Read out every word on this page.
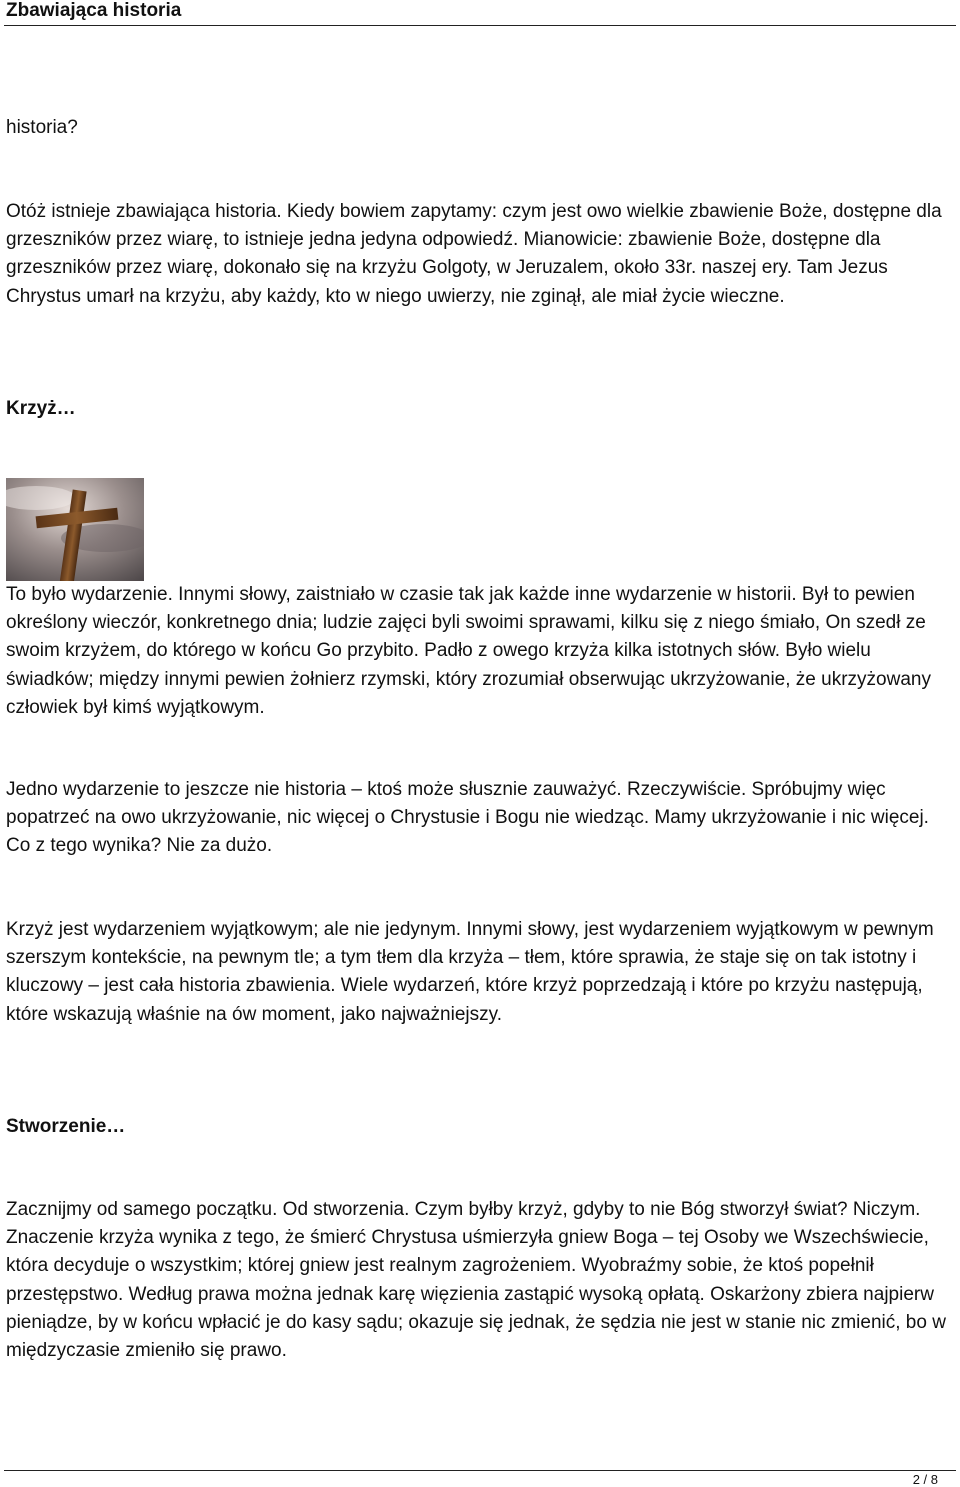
Zbawiająca historia

historia?

Otóż istnieje zbawiająca historia. Kiedy bowiem zapytamy: czym jest owo wielkie zbawienie Boże, dostępne dla grzeszników przez wiarę, to istnieje jedna jedyna odpowiedź. Mianowicie: zbawienie Boże, dostępne dla grzeszników przez wiarę, dokonało się na krzyżu Golgoty, w Jeruzalem, około 33r. naszej ery. Tam Jezus Chrystus umarł na krzyżu, aby każdy, kto w niego uwierzy, nie zginął, ale miał życie wieczne.

Krzyż…

To było wydarzenie. Innymi słowy, zaistniało w czasie tak jak każde inne wydarzenie w historii. Był to pewien określony wieczór, konkretnego dnia; ludzie zajęci byli swoimi sprawami, kilku się z niego śmiało, On szedł ze swoim krzyżem, do którego w końcu Go przybito. Padło z owego krzyża kilka istotnych słów. Było wielu świadków; między innymi pewien żołnierz rzymski, który zrozumiał obserwując ukrzyżowanie, że ukrzyżowany człowiek był kimś wyjątkowym.

Jedno wydarzenie to jeszcze nie historia – ktoś może słusznie zauważyć. Rzeczywiście. Spróbujmy więc popatrzeć na owo ukrzyżowanie, nic więcej o Chrystusie i Bogu nie wiedząc. Mamy ukrzyżowanie i nic więcej. Co z tego wynika? Nie za dużo.

Krzyż jest wydarzeniem wyjątkowym; ale nie jedynym. Innymi słowy, jest wydarzeniem wyjątkowym w pewnym szerszym kontekście, na pewnym tle; a tym tłem dla krzyża – tłem, które sprawia, że staje się on tak istotny i kluczowy – jest cała historia zbawienia. Wiele wydarzeń, które krzyż poprzedzają i które po krzyżu następują, które wskazują właśnie na ów moment, jako najważniejszy.

Stworzenie…

Zacznijmy od samego początku. Od stworzenia. Czym byłby krzyż, gdyby to nie Bóg stworzył świat? Niczym. Znaczenie krzyża wynika z tego, że śmierć Chrystusa uśmierzyła gniew Boga – tej Osoby we Wszechświecie, która decyduje o wszystkim; której gniew jest realnym zagrożeniem. Wyobraźmy sobie, że ktoś popełnił przestępstwo. Według prawa można jednak karę więzienia zastąpić wysoką opłatą. Oskarżony zbiera najpierw pieniądze, by w końcu wpłacić je do kasy sądu; okazuje się jednak, że sędzia nie jest w stanie nic zmienić, bo w międzyczasie zmieniło się prawo.

2 / 8
